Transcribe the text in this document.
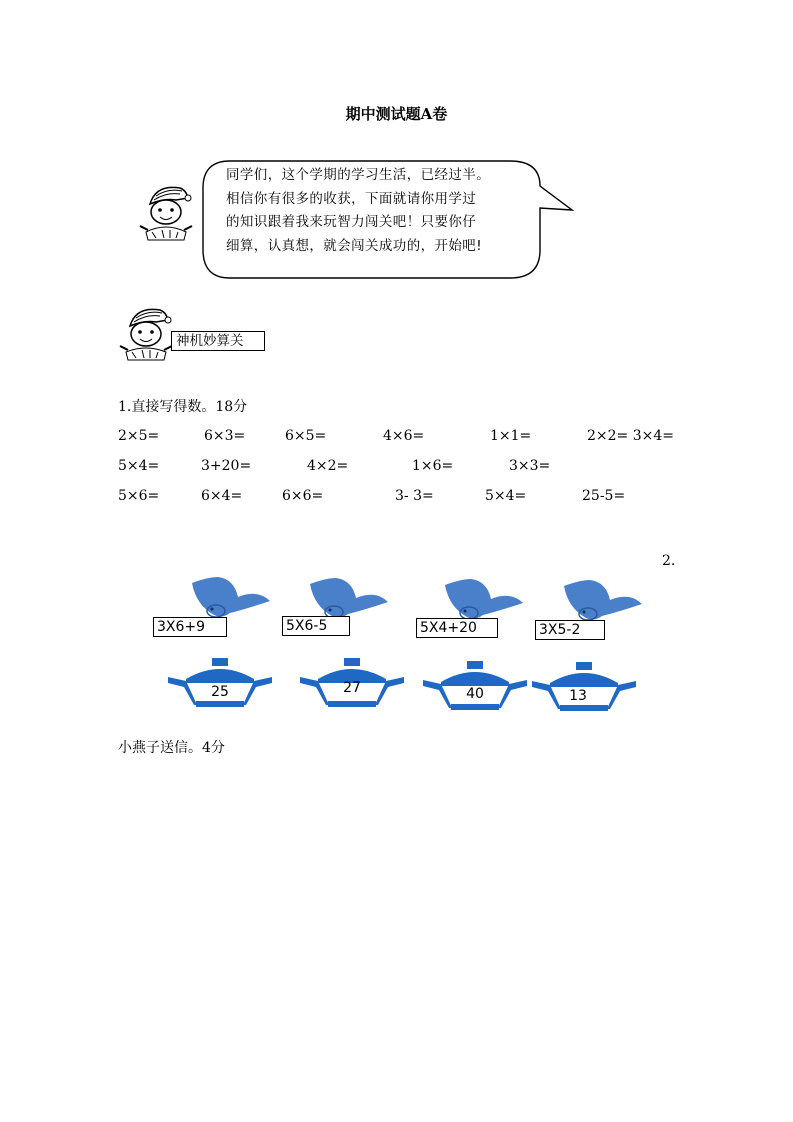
期中测试题A卷
同学们，这个学期的学习生活，已经过半。
相信你有很多的收获，下面就请你用学过
的知识跟着我来玩智力闯关吧！只要你仔
细算，认真想，就会闯关成功的，开始吧!
神机妙算关
1.直接写得数。18分
2×5=	6×3=	6×5=	4×6=	1×1=	2×2= 3×4=
5×4=	3+20=	4×2=	1×6=	3×3=
5×6=	6×4=	6×6=	3- 3=	5×4=	25-5=
2.
3X6+9	5X6-5	5X4+20	3X5-2
25	27	40	13
小燕子送信。4分
